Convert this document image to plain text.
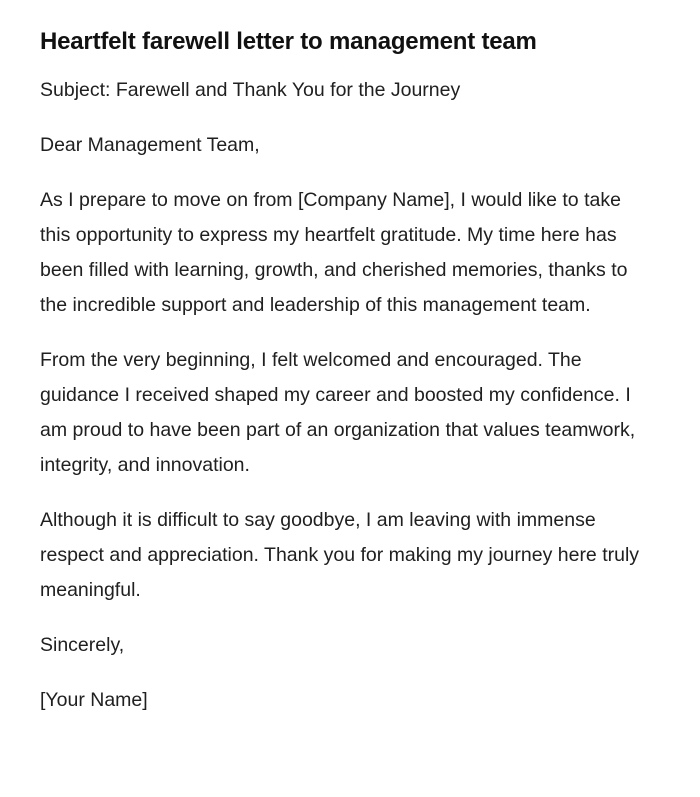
Heartfelt farewell letter to management team

Subject: Farewell and Thank You for the Journey

Dear Management Team,

As I prepare to move on from [Company Name], I would like to take this opportunity to express my heartfelt gratitude. My time here has been filled with learning, growth, and cherished memories, thanks to the incredible support and leadership of this management team.

From the very beginning, I felt welcomed and encouraged. The guidance I received shaped my career and boosted my confidence. I am proud to have been part of an organization that values teamwork, integrity, and innovation.

Although it is difficult to say goodbye, I am leaving with immense respect and appreciation. Thank you for making my journey here truly meaningful.

Sincerely,

[Your Name]
